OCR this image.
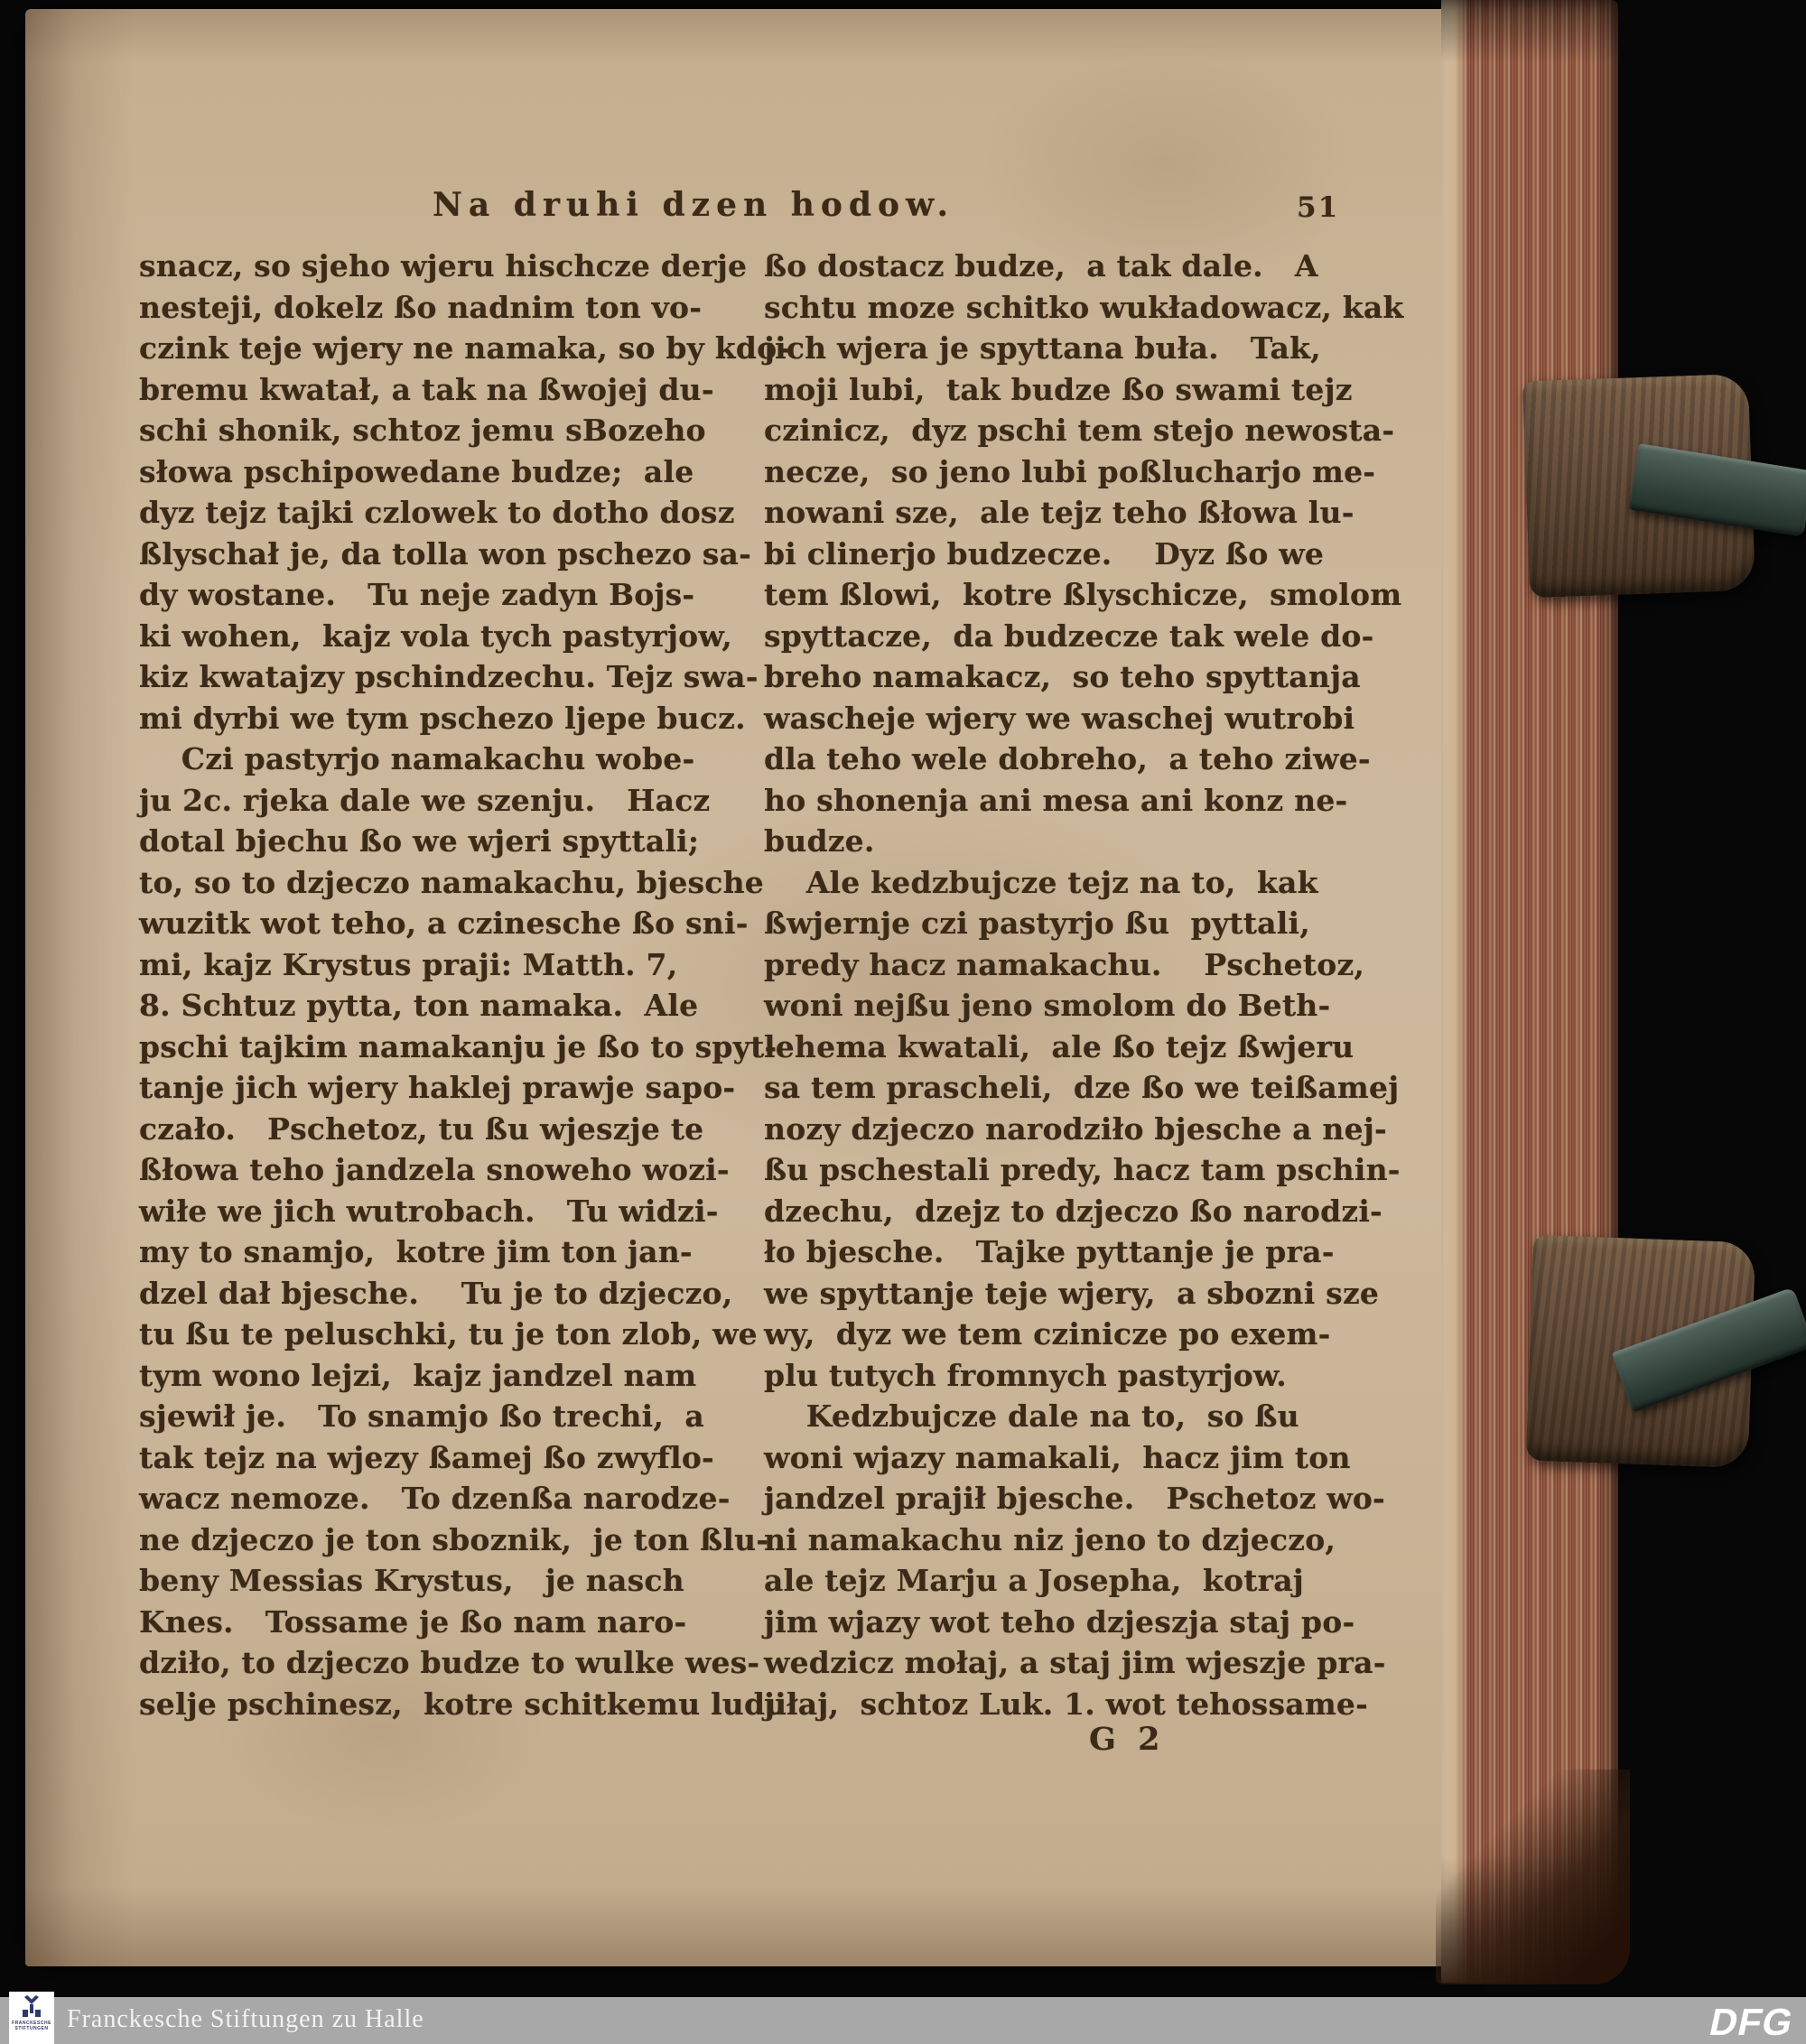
Na druhi dzen hodow.	51
snacz, so sjeho wjeru hischcze derje
nesteji, dokelz ßo nadnim ton vo-
czink teje wjery ne namaka, so by kdo-
bremu kwatał, a tak na ßwojej du-
schi shonik, schtoz jemu sBozeho
słowa pschipowedane budze;  ale
dyz tejz tajki czlowek to dotho dosz
ßlyschał je, da tolla won pschezo sa-
dy wostane.   Tu neje zadyn Bojs-
ki wohen,  kajz vola tych pastyrjow,
kiz kwatajzy pschindzechu. Tejz swa-
mi dyrbi we tym pschezo ljepe bucz.
Czi pastyrjo namakachu wobe-
ju 2c. rjeka dale we szenju.   Hacz
dotal bjechu ßo we wjeri spyttali;
to, so to dzjeczo namakachu, bjesche
wuzitk wot teho, a czinesche ßo sni-
mi, kajz Krystus praji: Matth. 7,
8. Schtuz pytta, ton namaka.  Ale
pschi tajkim namakanju je ßo to spyt-
tanje jich wjery haklej prawje sapo-
czało.   Pschetoz, tu ßu wjeszje te
ßłowa teho jandzela snoweho wozi-
wiłe we jich wutrobach.   Tu widzi-
my to snamjo,  kotre jim ton jan-
dzel dał bjesche.    Tu je to dzjeczo,
tu ßu te peluschki, tu je ton zlob, we
tym wono lejzi,  kajz jandzel nam
sjewił je.   To snamjo ßo trechi,  a
tak tejz na wjezy ßamej ßo zwyflo-
wacz nemoze.   To dzenßa narodze-
ne dzjeczo je ton sboznik,  je ton ßlu-
beny Messias Krystus,   je nasch
Knes.   Tossame je ßo nam naro-
dziło, to dzjeczo budze to wulke wes-
selje pschinesz,  kotre schitkemu ludu
ßo dostacz budze,  a tak dale.   A
schtu moze schitko wukładowacz, kak
jich wjera je spyttana buła.   Tak,
moji lubi,  tak budze ßo swami tejz
czinicz,  dyz pschi tem stejo newosta-
necze,  so jeno lubi poßlucharjo me-
nowani sze,  ale tejz teho ßłowa lu-
bi clinerjo budzecze.    Dyz ßo we
tem ßlowi,  kotre ßlyschicze,  smolom
spyttacze,  da budzecze tak wele do-
breho namakacz,  so teho spyttanja
wascheje wjery we waschej wutrobi
dla teho wele dobreho,  a teho ziwe-
ho shonenja ani mesa ani konz ne-
budze.
Ale kedzbujcze tejz na to,  kak
ßwjernje czi pastyrjo ßu  pyttali,
predy hacz namakachu.    Pschetoz,
woni nejßu jeno smolom do Beth-
lehema kwatali,  ale ßo tejz ßwjeru
sa tem prascheli,  dze ßo we teißamej
nozy dzjeczo narodziło bjesche a nej-
ßu pschestali predy, hacz tam pschin-
dzechu,  dzejz to dzjeczo ßo narodzi-
ło bjesche.   Tajke pyttanje je pra-
we spyttanje teje wjery,  a sbozni sze
wy,  dyz we tem czinicze po exem-
plu tutych fromnych pastyrjow.
Kedzbujcze dale na to,  so ßu
woni wjazy namakali,  hacz jim ton
jandzel prajił bjesche.   Pschetoz wo-
ni namakachu niz jeno to dzjeczo,
ale tejz Marju a Josepha,  kotraj
jim wjazy wot teho dzjeszja staj po-
wedzicz mołaj, a staj jim wjeszje pra-
jiłaj,  schtoz Luk. 1. wot tehossame-
G 2
FRANCKESCHE
STIFTUNGEN Franckesche Stiftungen zu Halle	DFG
